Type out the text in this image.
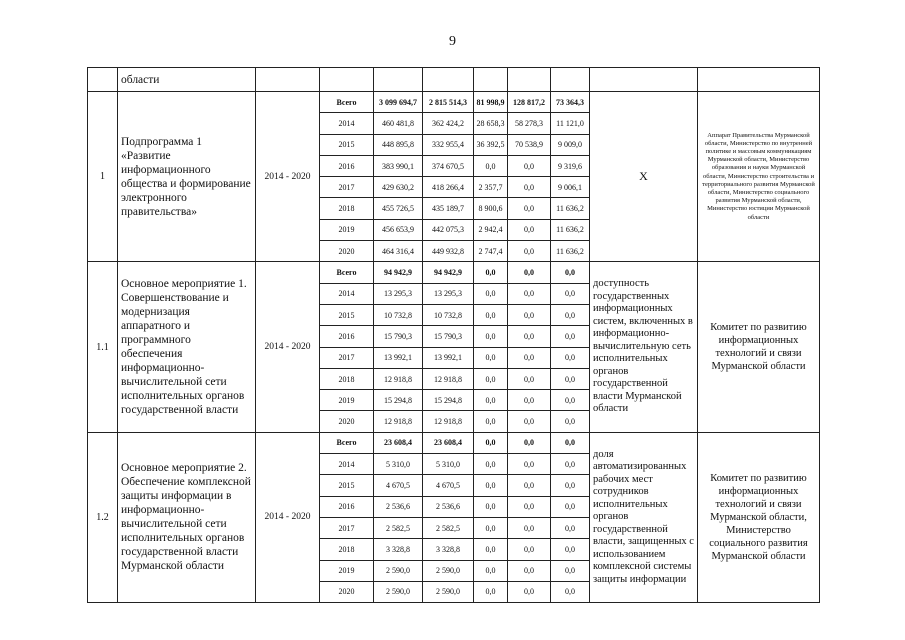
9
	области									
1	Подпрограмма 1 «Развитие информационного общества и формирование электронного правительства»	2014 - 2020	Всего	3 099 694,7	2 815 514,3	81 998,9	128 817,2	73 364,3	Х	Аппарат Правительства Мурманской области, Министерство по внутренней политике и массовым коммуникациям Мурманской области, Министерство образования и науки Мурманской области, Министерство строительства и территориального развития Мурманской области, Министерство социального развития Мурманской области, Министерство юстиции Мурманской области
			2014	460 481,8	362 424,2	28 658,3	58 278,3	11 121,0		
			2015	448 895,8	332 955,4	36 392,5	70 538,9	9 009,0		
			2016	383 990,1	374 670,5	0,0	0,0	9 319,6		
			2017	429 630,2	418 266,4	2 357,7	0,0	9 006,1		
			2018	455 726,5	435 189,7	8 900,6	0,0	11 636,2		
			2019	456 653,9	442 075,3	2 942,4	0,0	11 636,2		
			2020	464 316,4	449 932,8	2 747,4	0,0	11 636,2		
1.1	Основное мероприятие 1. Совершенствование и модернизация аппаратного и программного обеспечения информационно-вычислительной сети исполнительных органов государственной власти	2014 - 2020	Всего	94 942,9	94 942,9	0,0	0,0	0,0	доступность государственных информационных систем, включенных в информационно-вычислительную сеть исполнительных органов государственной власти Мурманской области	Комитет по развитию информационных технологий и связи Мурманской области
			2014	13 295,3	13 295,3	0,0	0,0	0,0		
			2015	10 732,8	10 732,8	0,0	0,0	0,0		
			2016	15 790,3	15 790,3	0,0	0,0	0,0		
			2017	13 992,1	13 992,1	0,0	0,0	0,0		
			2018	12 918,8	12 918,8	0,0	0,0	0,0		
			2019	15 294,8	15 294,8	0,0	0,0	0,0		
			2020	12 918,8	12 918,8	0,0	0,0	0,0		
1.2	Основное мероприятие 2. Обеспечение комплексной защиты информации в информационно-вычислительной сети исполнительных органов государственной власти Мурманской области	2014 - 2020	Всего	23 608,4	23 608,4	0,0	0,0	0,0	доля автоматизированных рабочих мест сотрудников исполнительных органов государственной власти, защищенных с использованием комплексной системы защиты информации	Комитет по развитию информационных технологий и связи Мурманской области, Министерство социального развития Мурманской области
			2014	5 310,0	5 310,0	0,0	0,0	0,0		
			2015	4 670,5	4 670,5	0,0	0,0	0,0		
			2016	2 536,6	2 536,6	0,0	0,0	0,0		
			2017	2 582,5	2 582,5	0,0	0,0	0,0		
			2018	3 328,8	3 328,8	0,0	0,0	0,0		
			2019	2 590,0	2 590,0	0,0	0,0	0,0		
			2020	2 590,0	2 590,0	0,0	0,0	0,0		
